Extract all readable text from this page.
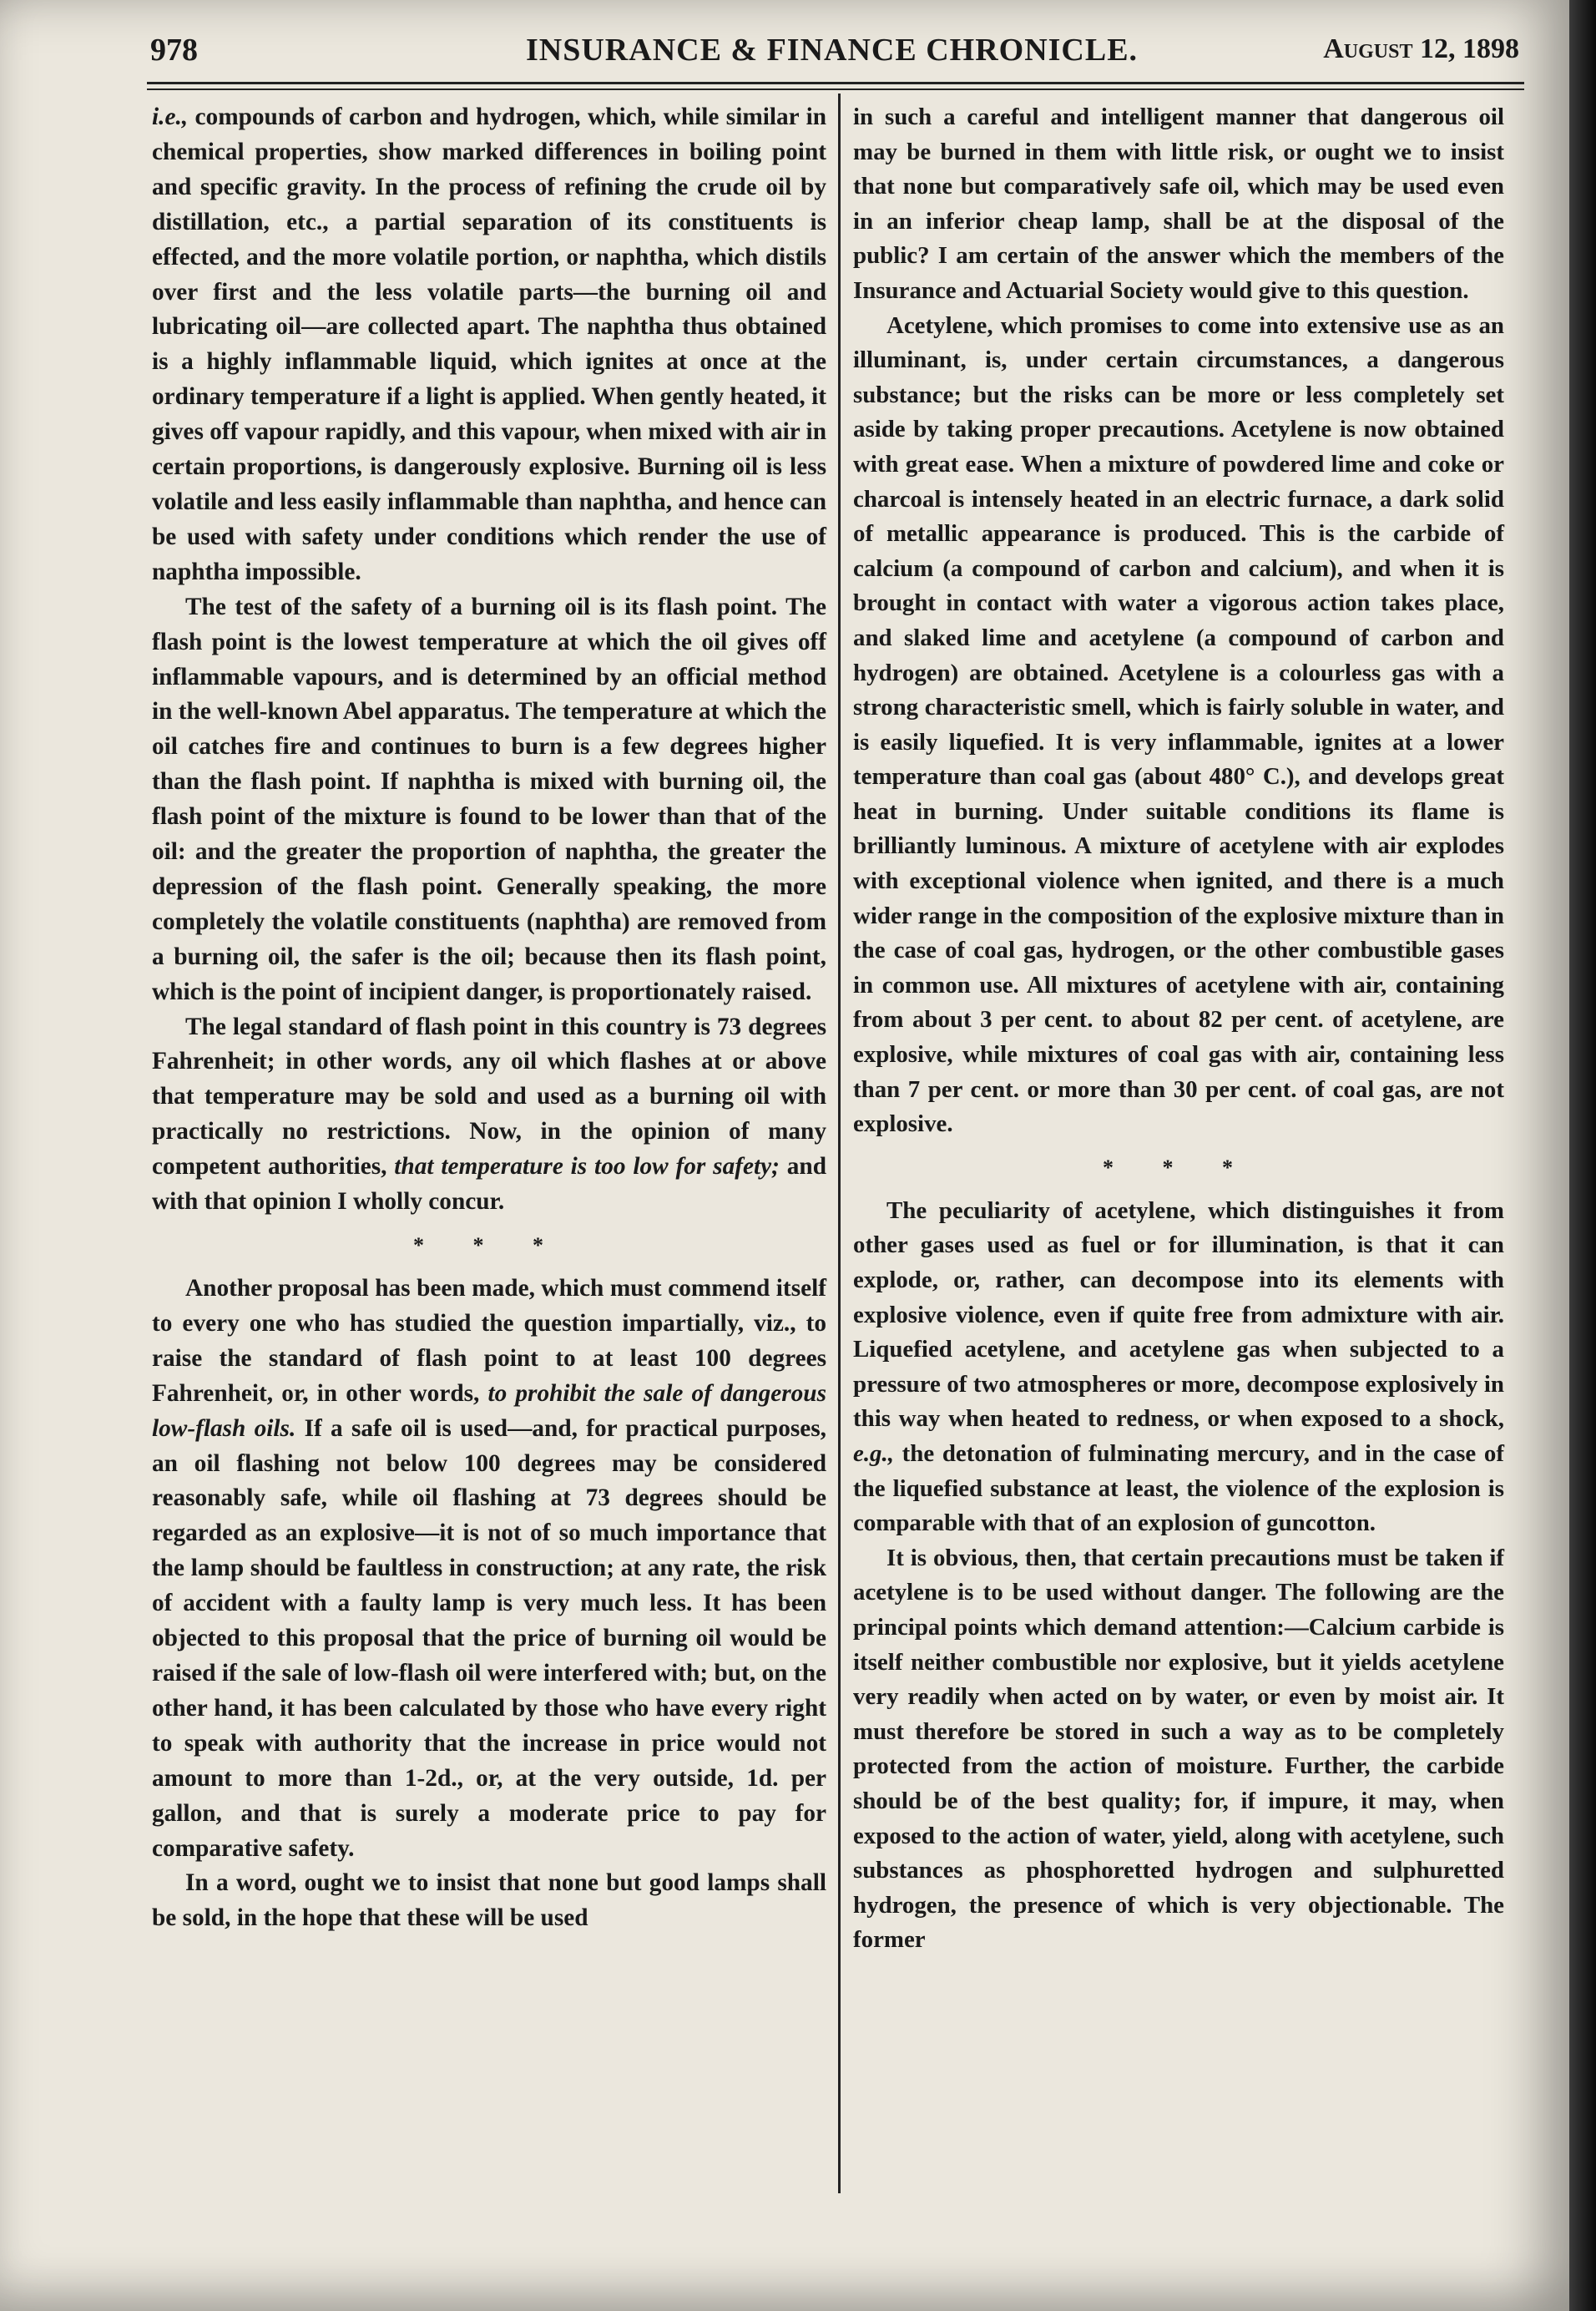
978	INSURANCE & FINANCE CHRONICLE.	August 12, 1898

i.e., compounds of carbon and hydrogen, which, while similar in chemical properties, show marked differences in boiling point and specific gravity. In the process of refining the crude oil by distillation, etc., a partial separation of its constituents is effected, and the more volatile portion, or naphtha, which distils over first and the less volatile parts—the burning oil and lubricating oil—are collected apart. The naphtha thus obtained is a highly inflammable liquid, which ignites at once at the ordinary temperature if a light is applied. When gently heated, it gives off vapour rapidly, and this vapour, when mixed with air in certain proportions, is dangerously explosive. Burning oil is less volatile and less easily inflammable than naphtha, and hence can be used with safety under conditions which render the use of naphtha impossible.

The test of the safety of a burning oil is its flash point. The flash point is the lowest temperature at which the oil gives off inflammable vapours, and is determined by an official method in the well-known Abel apparatus. The temperature at which the oil catches fire and continues to burn is a few degrees higher than the flash point. If naphtha is mixed with burning oil, the flash point of the mixture is found to be lower than that of the oil: and the greater the proportion of naphtha, the greater the depression of the flash point. Generally speaking, the more completely the volatile constituents (naphtha) are removed from a burning oil, the safer is the oil; because then its flash point, which is the point of incipient danger, is proportionately raised.

The legal standard of flash point in this country is 73 degrees Fahrenheit; in other words, any oil which flashes at or above that temperature may be sold and used as a burning oil with practically no restrictions. Now, in the opinion of many competent authorities, that temperature is too low for safety; and with that opinion I wholly concur.

* * *

Another proposal has been made, which must commend itself to every one who has studied the question impartially, viz., to raise the standard of flash point to at least 100 degrees Fahrenheit, or, in other words, to prohibit the sale of dangerous low-flash oils. If a safe oil is used—and, for practical purposes, an oil flashing not below 100 degrees may be considered reasonably safe, while oil flashing at 73 degrees should be regarded as an explosive—it is not of so much importance that the lamp should be faultless in construction; at any rate, the risk of accident with a faulty lamp is very much less. It has been objected to this proposal that the price of burning oil would be raised if the sale of low-flash oil were interfered with; but, on the other hand, it has been calculated by those who have every right to speak with authority that the increase in price would not amount to more than 1-2d., or, at the very outside, 1d. per gallon, and that is surely a moderate price to pay for comparative safety.

In a word, ought we to insist that none but good lamps shall be sold, in the hope that these will be used

in such a careful and intelligent manner that dangerous oil may be burned in them with little risk, or ought we to insist that none but comparatively safe oil, which may be used even in an inferior cheap lamp, shall be at the disposal of the public? I am certain of the answer which the members of the Insurance and Actuarial Society would give to this question.

Acetylene, which promises to come into extensive use as an illuminant, is, under certain circumstances, a dangerous substance; but the risks can be more or less completely set aside by taking proper precautions. Acetylene is now obtained with great ease. When a mixture of powdered lime and coke or charcoal is intensely heated in an electric furnace, a dark solid of metallic appearance is produced. This is the carbide of calcium (a compound of carbon and calcium), and when it is brought in contact with water a vigorous action takes place, and slaked lime and acetylene (a compound of carbon and hydrogen) are obtained. Acetylene is a colourless gas with a strong characteristic smell, which is fairly soluble in water, and is easily liquefied. It is very inflammable, ignites at a lower temperature than coal gas (about 480° C.), and develops great heat in burning. Under suitable conditions its flame is brilliantly luminous. A mixture of acetylene with air explodes with exceptional violence when ignited, and there is a much wider range in the composition of the explosive mixture than in the case of coal gas, hydrogen, or the other combustible gases in common use. All mixtures of acetylene with air, containing from about 3 per cent. to about 82 per cent. of acetylene, are explosive, while mixtures of coal gas with air, containing less than 7 per cent. or more than 30 per cent. of coal gas, are not explosive.

* * *

The peculiarity of acetylene, which distinguishes it from other gases used as fuel or for illumination, is that it can explode, or, rather, can decompose into its elements with explosive violence, even if quite free from admixture with air. Liquefied acetylene, and acetylene gas when subjected to a pressure of two atmospheres or more, decompose explosively in this way when heated to redness, or when exposed to a shock, e.g., the detonation of fulminating mercury, and in the case of the liquefied substance at least, the violence of the explosion is comparable with that of an explosion of guncotton.

It is obvious, then, that certain precautions must be taken if acetylene is to be used without danger. The following are the principal points which demand attention:—Calcium carbide is itself neither combustible nor explosive, but it yields acetylene very readily when acted on by water, or even by moist air. It must therefore be stored in such a way as to be completely protected from the action of moisture. Further, the carbide should be of the best quality; for, if impure, it may, when exposed to the action of water, yield, along with acetylene, such substances as phosphoretted hydrogen and sulphuretted hydrogen, the presence of which is very objectionable. The former
